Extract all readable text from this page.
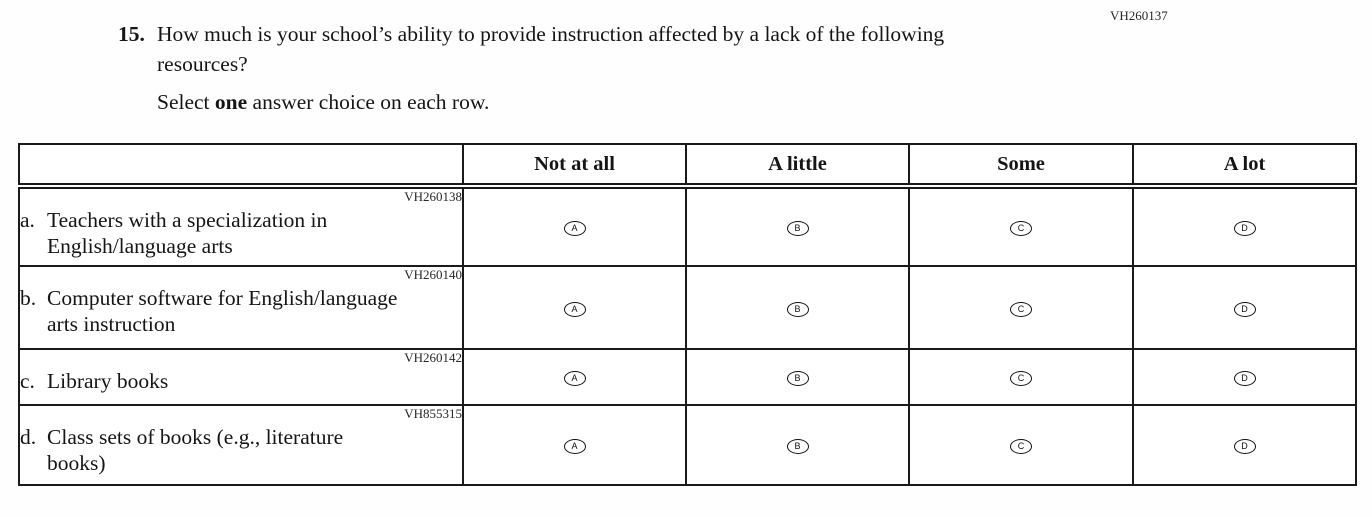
VH260137
15. How much is your school’s ability to provide instruction affected by a lack of the following resources?
Select one answer choice on each row.
	Not at all	A little	Some	A lot

VH260138
a. Teachers with a specialization in English/language arts	A	B	C	D

VH260140
b. Computer software for English/language arts instruction	A	B	C	D

VH260142
c. Library books	A	B	C	D

VH855315
d. Class sets of books (e.g., literature books)	A	B	C	D
